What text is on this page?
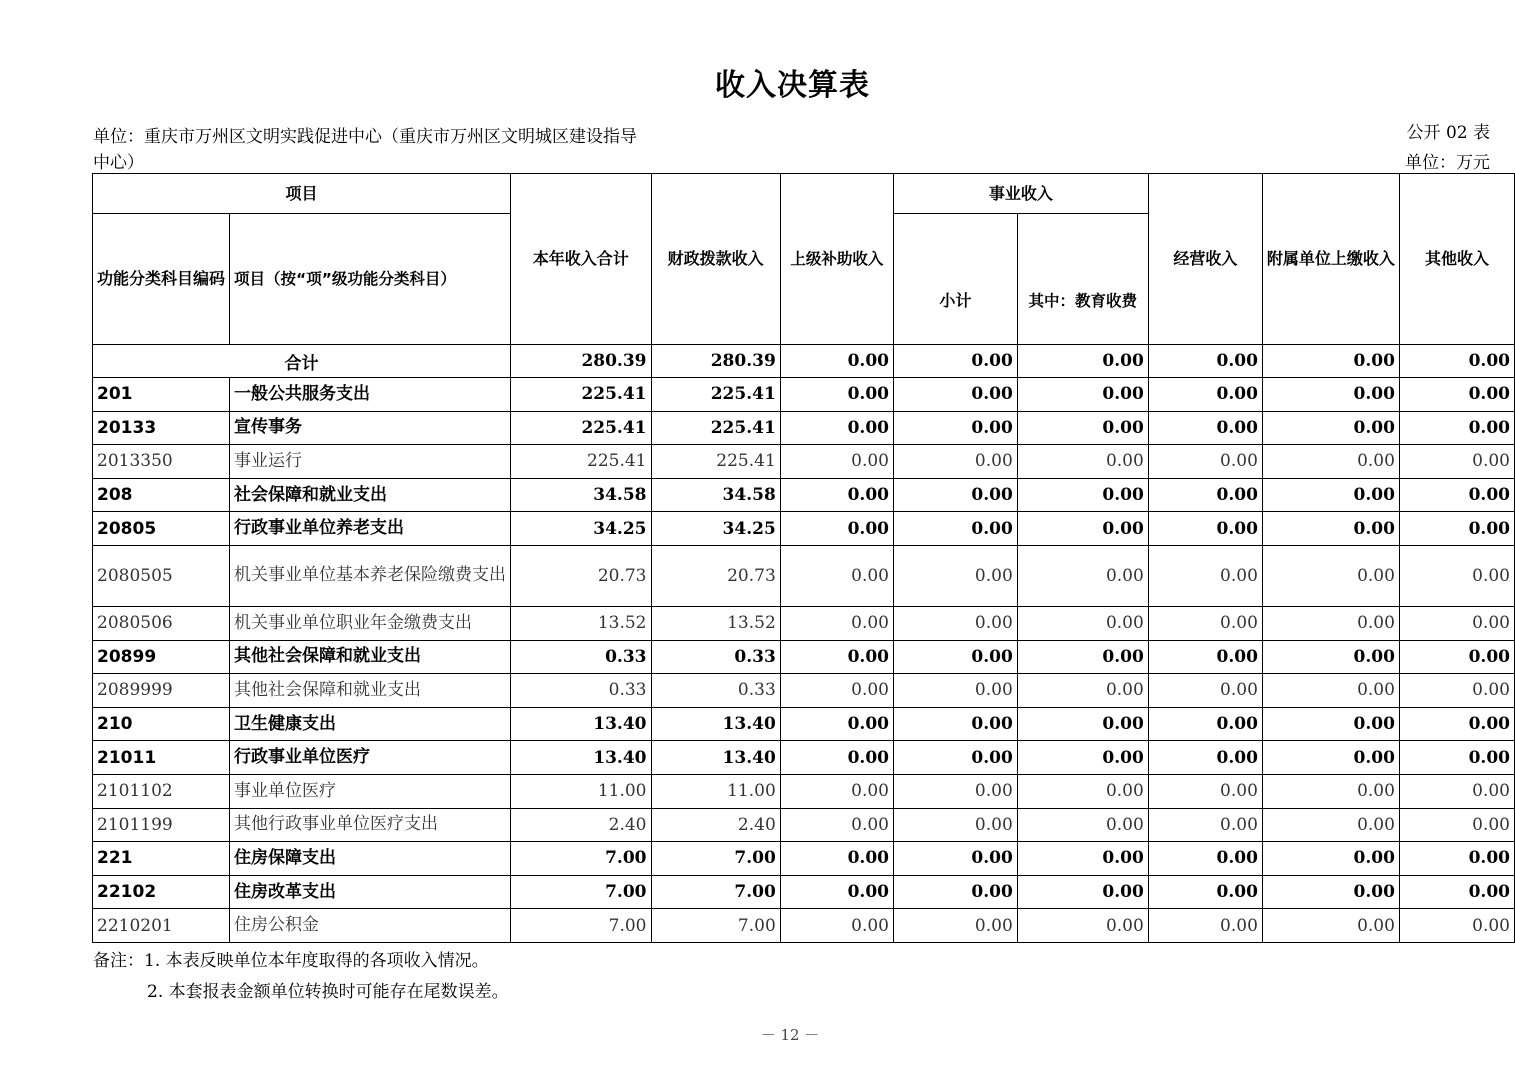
收入决算表
单位：重庆市万州区文明实践促进中心（重庆市万州区文明城区建设指导中心）
公开 02 表
单位：万元
项目		本年收入合计	财政拨款收入	上级补助收入	事业收入		经营收入	附属单位上缴收入	其他收入
功能分类科目编码	项目（按“项”级功能分类科目）				小计	其中：教育收费			
合计		280.39	280.39	0.00	0.00	0.00	0.00	0.00	0.00
201	一般公共服务支出	225.41	225.41	0.00	0.00	0.00	0.00	0.00	0.00
20133	宣传事务	225.41	225.41	0.00	0.00	0.00	0.00	0.00	0.00
2013350	事业运行	225.41	225.41	0.00	0.00	0.00	0.00	0.00	0.00
208	社会保障和就业支出	34.58	34.58	0.00	0.00	0.00	0.00	0.00	0.00
20805	行政事业单位养老支出	34.25	34.25	0.00	0.00	0.00	0.00	0.00	0.00
2080505	机关事业单位基本养老保险缴费支出	20.73	20.73	0.00	0.00	0.00	0.00	0.00	0.00
2080506	机关事业单位职业年金缴费支出	13.52	13.52	0.00	0.00	0.00	0.00	0.00	0.00
20899	其他社会保障和就业支出	0.33	0.33	0.00	0.00	0.00	0.00	0.00	0.00
2089999	其他社会保障和就业支出	0.33	0.33	0.00	0.00	0.00	0.00	0.00	0.00
210	卫生健康支出	13.40	13.40	0.00	0.00	0.00	0.00	0.00	0.00
21011	行政事业单位医疗	13.40	13.40	0.00	0.00	0.00	0.00	0.00	0.00
2101102	事业单位医疗	11.00	11.00	0.00	0.00	0.00	0.00	0.00	0.00
2101199	其他行政事业单位医疗支出	2.40	2.40	0.00	0.00	0.00	0.00	0.00	0.00
221	住房保障支出	7.00	7.00	0.00	0.00	0.00	0.00	0.00	0.00
22102	住房改革支出	7.00	7.00	0.00	0.00	0.00	0.00	0.00	0.00
2210201	住房公积金	7.00	7.00	0.00	0.00	0.00	0.00	0.00	0.00
备注：1. 本表反映单位本年度取得的各项收入情况。
2. 本套报表金额单位转换时可能存在尾数误差。
－ 12 －
